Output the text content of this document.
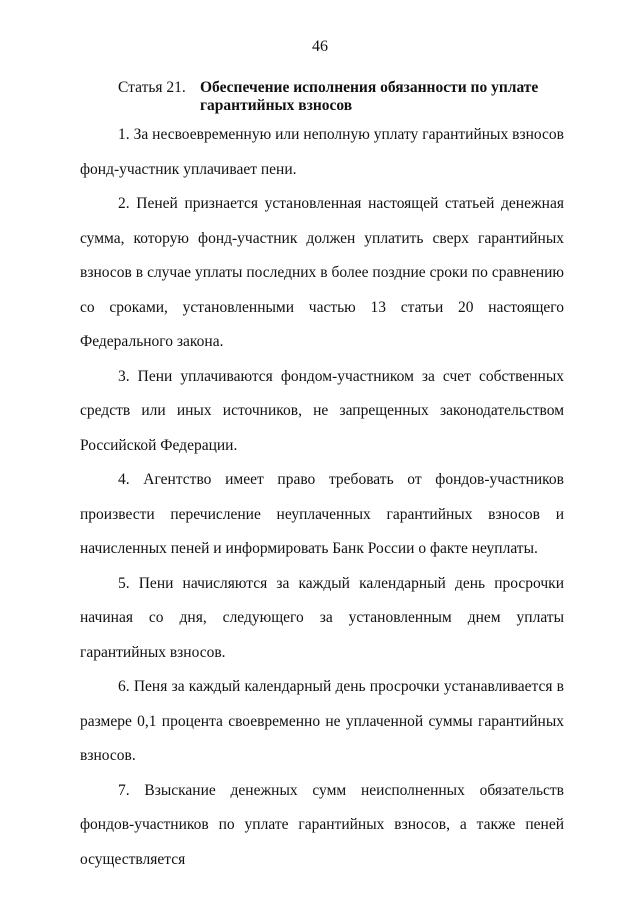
46
Статья 21. Обеспечение исполнения обязанности по уплате гарантийных взносов

1. За несвоевременную или неполную уплату гарантийных взносов фонд-участник уплачивает пени.

2. Пеней признается установленная настоящей статьей денежная сумма, которую фонд-участник должен уплатить сверх гарантийных взносов в случае уплаты последних в более поздние сроки по сравнению со сроками, установленными частью 13 статьи 20 настоящего Федерального закона.

3. Пени уплачиваются фондом-участником за счет собственных средств или иных источников, не запрещенных законодательством Российской Федерации.

4. Агентство имеет право требовать от фондов-участников произвести перечисление неуплаченных гарантийных взносов и начисленных пеней и информировать Банк России о факте неуплаты.

5. Пени начисляются за каждый календарный день просрочки начиная со дня, следующего за установленным днем уплаты гарантийных взносов.

6. Пеня за каждый календарный день просрочки устанавливается в размере 0,1 процента своевременно не уплаченной суммы гарантийных взносов.

7. Взыскание денежных сумм неисполненных обязательств фондов-участников по уплате гарантийных взносов, а также пеней осуществляется
